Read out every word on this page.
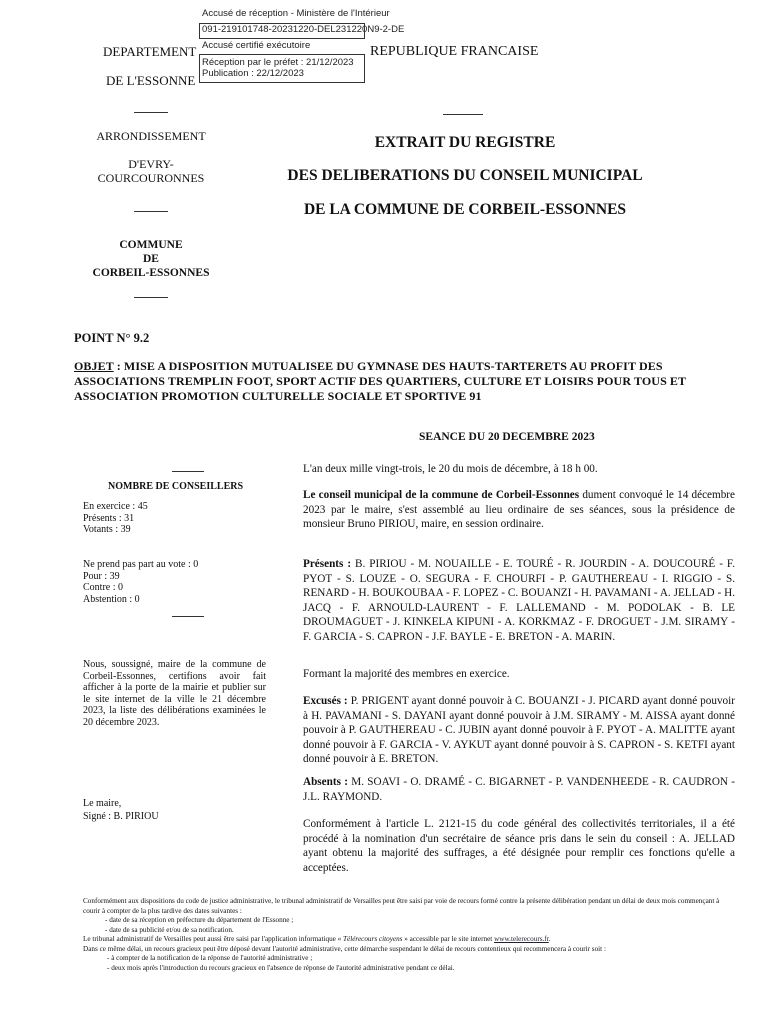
Accusé de réception - Ministère de l'Intérieur
091-219101748-20231220-DEL231220N9-2-DE
Accusé certifié exécutoire
Réception par le préfet : 21/12/2023
Publication : 22/12/2023
DEPARTEMENT
DE L'ESSONNE
REPUBLIQUE FRANCAISE
ARRONDISSEMENT
D'EVRY-
COURCOURONNES
EXTRAIT DU REGISTRE
DES DELIBERATIONS DU CONSEIL MUNICIPAL
DE LA COMMUNE DE CORBEIL-ESSONNES
COMMUNE
DE
CORBEIL-ESSONNES
POINT N° 9.2
OBJET : MISE A DISPOSITION MUTUALISEE DU GYMNASE DES HAUTS-TARTERETS AU PROFIT DES ASSOCIATIONS TREMPLIN FOOT, SPORT ACTIF DES QUARTIERS, CULTURE ET LOISIRS POUR TOUS ET ASSOCIATION PROMOTION CULTURELLE SOCIALE ET SPORTIVE 91
SEANCE DU 20 DECEMBRE 2023
NOMBRE DE CONSEILLERS
En exercice : 45
Présents : 31
Votants : 39
Ne prend pas part au vote : 0
Pour : 39
Contre : 0
Abstention : 0
Nous, soussigné, maire de la commune de Corbeil-Essonnes, certifions avoir fait afficher à la porte de la mairie et publier sur le site internet de la ville le 21 décembre 2023, la liste des délibérations examinées le 20 décembre 2023.
Le maire,
Signé : B. PIRIOU
L'an deux mille vingt-trois, le 20 du mois de décembre, à 18 h 00.
Le conseil municipal de la commune de Corbeil-Essonnes dument convoqué le 14 décembre 2023 par le maire, s'est assemblé au lieu ordinaire de ses séances, sous la présidence de monsieur Bruno PIRIOU, maire, en session ordinaire.
Présents : B. PIRIOU - M. NOUAILLE - E. TOURÉ - R. JOURDIN - A. DOUCOURÉ - F. PYOT - S. LOUZE - O. SEGURA - F. CHOURFI - P. GAUTHEREAU - I. RIGGIO - S. RENARD - H. BOUKOUBAA - F. LOPEZ - C. BOUANZI - H. PAVAMANI - A. JELLAD - H. JACQ - F. ARNOULD-LAURENT - F. LALLEMAND - M. PODOLAK - B. LE DROUMAGUET - J. KINKELA KIPUNI - A. KORKMAZ - F. DROGUET - J.M. SIRAMY - F. GARCIA - S. CAPRON - J.F. BAYLE - E. BRETON - A. MARIN.
Formant la majorité des membres en exercice.
Excusés : P. PRIGENT ayant donné pouvoir à C. BOUANZI - J. PICARD ayant donné pouvoir à H. PAVAMANI - S. DAYANI ayant donné pouvoir à J.M. SIRAMY - M. AISSA ayant donné pouvoir à P. GAUTHEREAU - C. JUBIN ayant donné pouvoir à F. PYOT - A. MALITTE ayant donné pouvoir à F. GARCIA - V. AYKUT ayant donné pouvoir à S. CAPRON - S. KETFI ayant donné pouvoir à E. BRETON.
Absents : M. SOAVI - O. DRAMÉ - C. BIGARNET - P. VANDENHEEDE - R. CAUDRON - J.L. RAYMOND.
Conformément à l'article L. 2121-15 du code général des collectivités territoriales, il a été procédé à la nomination d'un secrétaire de séance pris dans le sein du conseil : A. JELLAD ayant obtenu la majorité des suffrages, a été désignée pour remplir ces fonctions qu'elle a acceptées.
Conformément aux dispositions du code de justice administrative, le tribunal administratif de Versailles peut être saisi par voie de recours formé contre la présente délibération pendant un délai de deux mois commençant à courir à compter de la plus tardive des dates suivantes :
- date de sa réception en préfecture du département de l'Essonne ;
- date de sa publicité et/ou de sa notification.
Le tribunal administratif de Versailles peut aussi être saisi par l'application informatique « Télérecours citoyens » accessible par le site internet www.telerecours.fr.
Dans ce même délai, un recours gracieux peut être déposé devant l'autorité administrative, cette démarche suspendant le délai de recours contentieux qui recommencera à courir soit :
- à compter de la notification de la réponse de l'autorité administrative ;
- deux mois après l'introduction du recours gracieux en l'absence de réponse de l'autorité administrative pendant ce délai.
